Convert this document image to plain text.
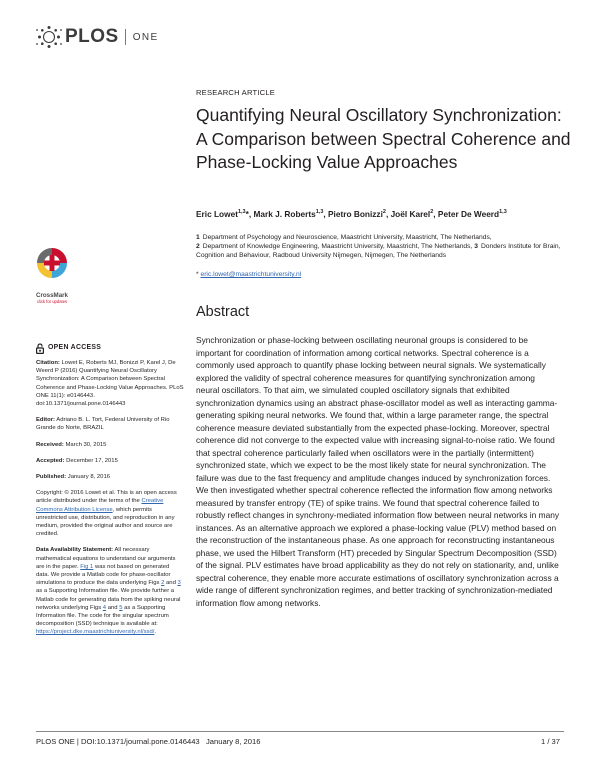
PLOS ONE
RESEARCH ARTICLE
Quantifying Neural Oscillatory Synchronization: A Comparison between Spectral Coherence and Phase-Locking Value Approaches
Eric Lowet$^{1,3}$*, Mark J. Roberts$^{1,3}$, Pietro Bonizzi$^2$, Joël Karel$^2$, Peter De Weerd$^{1,3}$
1 Department of Psychology and Neuroscience, Maastricht University, Maastricht, The Netherlands,
2 Department of Knowledge Engineering, Maastricht University, Maastricht, The Netherlands, 3 Donders Institute for Brain, Cognition and Behaviour, Radboud University Nijmegen, Nijmegen, The Netherlands
* eric.lowet@maastrichtuniversity.nl
CrossMark
click for updates
Abstract

Synchronization or phase-locking between oscillating neuronal groups is considered to be important for coordination of information among cortical networks. Spectral coherence is a commonly used approach to quantify phase locking between neural signals. We systematically explored the validity of spectral coherence measures for quantifying synchronization among neural oscillators. To that aim, we simulated coupled oscillatory signals that exhibited synchronization dynamics using an abstract phase-oscillator model as well as interacting gamma-generating spiking neural networks. We found that, within a large parameter range, the spectral coherence measure deviated substantially from the expected phase-locking. Moreover, spectral coherence did not converge to the expected value with increasing signal-to-noise ratio. We found that spectral coherence particularly failed when oscillators were in the partially (intermittent) synchronized state, which we expect to be the most likely state for neural synchronization. The failure was due to the fast frequency and amplitude changes induced by synchronization forces. We then investigated whether spectral coherence reflected the information flow among networks measured by transfer entropy (TE) of spike trains. We found that spectral coherence failed to robustly reflect changes in synchrony-mediated information flow between neural networks in many instances. As an alternative approach we explored a phase-locking value (PLV) method based on the reconstruction of the instantaneous phase. As one approach for reconstructing instantaneous phase, we used the Hilbert Transform (HT) preceded by Singular Spectrum Decomposition (SSD) of the signal. PLV estimates have broad applicability as they do not rely on stationarity, and, unlike spectral coherence, they enable more accurate estimations of oscillatory synchronization across a wide range of different synchronization regimes, and better tracking of synchronization-mediated information flow among networks.

OPEN ACCESS
Citation: Lowet E, Roberts MJ, Bonizzi P, Karel J, De Weerd P (2016) Quantifying Neural Oscillatory Synchronization: A Comparison between Spectral Coherence and Phase-Locking Value Approaches. PLoS ONE 11(1): e0146443. doi:10.1371/journal.pone.0146443
Editor: Adriano B. L. Tort, Federal University of Rio Grande do Norte, BRAZIL
Received: March 30, 2015
Accepted: December 17, 2015
Published: January 8, 2016
Copyright: © 2016 Lowet et al. This is an open access article distributed under the terms of the Creative Commons Attribution License, which permits unrestricted use, distribution, and reproduction in any medium, provided the original author and source are credited.
Data Availability Statement: All necessary mathematical equations to understand our arguments are in the paper. Fig 1 was not based on generated data. We provide a Matlab code for phase-oscillator simulations to produce the data underlying Figs 2 and 3 as a Supporting Information file. We provide further a Matlab code for generating data from the spiking neural networks underlying Figs 4 and 5 as a Supporting Information file. The code for the singular spectrum decomposition (SSD) technique is available at: https://project.dke.maastrichtuniversity.nl/ssd/.
PLOS ONE | DOI:10.1371/journal.pone.0146443   January 8, 2016	1 / 37
